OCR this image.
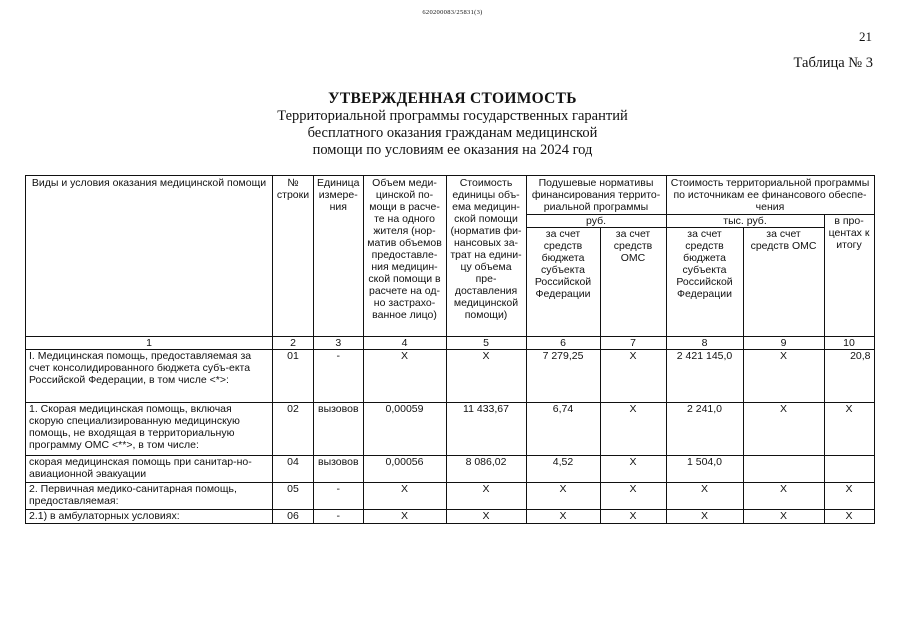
620200083/25831(3)
21
Таблица № 3
УТВЕРЖДЕННАЯ СТОИМОСТЬ
Территориальной программы государственных гарантий
бесплатного оказания гражданам медицинской
помощи по условиям ее оказания на 2024 год
Виды и условия оказания медицинской помощи	№ строки	Единица измере-ния	Объем меди-цинской по-мощи в расче-те на одного жителя (нор-матив объемов предоставле-ния медицин-ской помощи в расчете на од-но застрахо-ванное лицо)	Стоимость единицы объ-ема медицин-ской помощи (норматив фи-нансовых за-трат на едини-цу объема пре-доставления медицинской помощи)	Подушевые нормативы финансирования террито-риальной программы		Стоимость территориальной программы по источникам ее финансового обеспе-чения		
					руб.		тыс. руб.		в про-центах к итогу
					за счет средств бюджета субъекта Российской Федерации	за счет средств ОМС	за счет средств бюджета субъекта Российской Федерации	за счет средств ОМС	
1	2	3	4	5	6	7	8	9	10
I. Медицинская помощь, предоставляемая за счет консолидированного бюджета субъ-екта Российской Федерации, в том числе <*>:	01	-	X	X	7 279,25	X	2 421 145,0	X	20,8
1. Скорая медицинская помощь, включая скорую специализированную медицинскую помощь, не входящая в территориальную программу ОМС <**>, в том числе:	02	вызовов	0,00059	11 433,67	6,74	X	2 241,0	X	X
скорая медицинская помощь при санитар-но-авиационной эвакуации	04	вызовов	0,00056	8 086,02	4,52	X	1 504,0		
2. Первичная медико-санитарная помощь, предоставляемая:	05	-	X	X	X	X	X	X	X
2.1) в амбулаторных условиях:	06	-	X	X	X	X	X	X	X
